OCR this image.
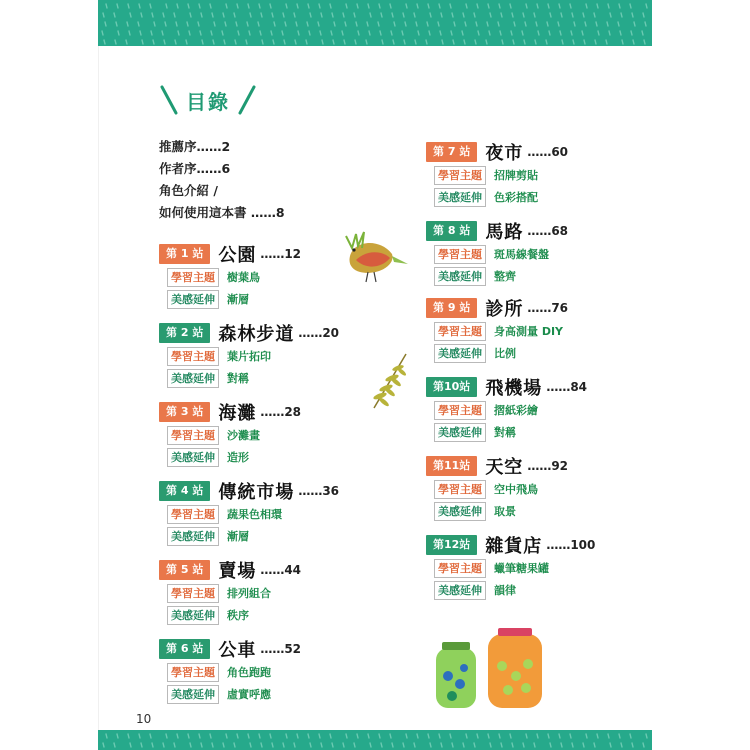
目錄
推薦序……2
作者序……6
角色介紹 /
如何使用這本書 ……8
第 1 站 公園 ……12
學習主題	樹葉鳥
美感延伸	漸層
第 2 站 森林步道 ……20
學習主題	葉片拓印
美感延伸	對稱
第 3 站 海灘 ……28
學習主題	沙灘畫
美感延伸	造形
第 4 站 傳統市場 ……36
學習主題	蔬果色相環
美感延伸	漸層
第 5 站 賣場 ……44
學習主題	排列組合
美感延伸	秩序
第 6 站 公車 ……52
學習主題	角色跑跑
美感延伸	虛實呼應
第 7 站 夜市 ……60
學習主題	招牌剪貼
美感延伸	色彩搭配
第 8 站 馬路 ……68
學習主題	斑馬線餐盤
美感延伸	整齊
第 9 站 診所 ……76
學習主題	身高測量 DIY
美感延伸	比例
第10站 飛機場 ……84
學習主題	摺紙彩繪
美感延伸	對稱
第11站 天空 ……92
學習主題	空中飛鳥
美感延伸	取景
第12站 雜貨店 ……100
學習主題	蠟筆糖果罐
美感延伸	韻律
10
